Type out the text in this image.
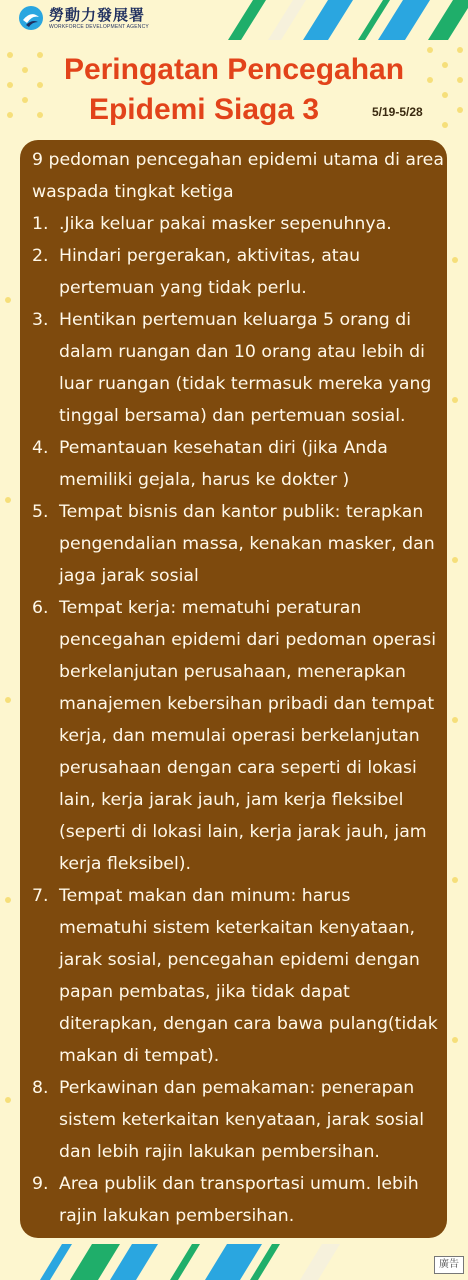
勞動力發展署
WORKFORCE DEVELOPMENT AGENCY
Peringatan Pencegahan
Epidemi Siaga 3	5/19-5/28
9 pedoman pencegahan epidemi utama di area waspada tingkat ketiga
1. .Jika keluar pakai masker sepenuhnya.
2. Hindari pergerakan, aktivitas, atau pertemuan yang tidak perlu.
3. Hentikan pertemuan keluarga 5 orang di dalam ruangan dan 10 orang atau lebih di luar ruangan (tidak termasuk mereka yang tinggal bersama) dan pertemuan sosial.
4. Pemantauan kesehatan diri (jika Anda memiliki gejala, harus ke dokter )
5. Tempat bisnis dan kantor publik: terapkan pengendalian massa, kenakan masker, dan jaga jarak sosial
6. Tempat kerja: mematuhi peraturan pencegahan epidemi dari pedoman operasi berkelanjutan perusahaan, menerapkan manajemen kebersihan pribadi dan tempat kerja, dan memulai operasi berkelanjutan perusahaan dengan cara seperti di lokasi lain, kerja jarak jauh, jam kerja fleksibel (seperti di lokasi lain, kerja jarak jauh, jam kerja fleksibel).
7. Tempat makan dan minum: harus mematuhi sistem keterkaitan kenyataan, jarak sosial, pencegahan epidemi dengan papan pembatas, jika tidak dapat diterapkan, dengan cara bawa pulang(tidak makan di tempat).
8. Perkawinan dan pemakaman: penerapan sistem keterkaitan kenyataan, jarak sosial dan lebih rajin lakukan pembersihan.
9. Area publik dan transportasi umum. lebih rajin lakukan pembersihan.
廣告
